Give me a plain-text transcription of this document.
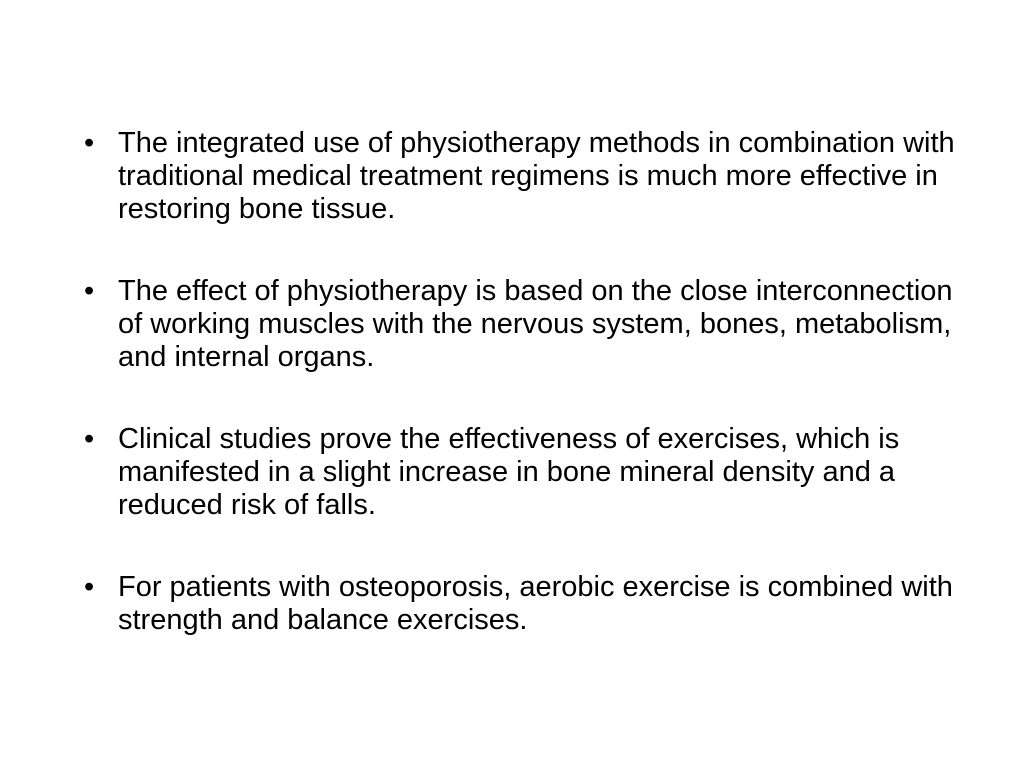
• The integrated use of physiotherapy methods in combination with traditional medical treatment regimens is much more effective in restoring bone tissue.
• The effect of physiotherapy is based on the close interconnection of working muscles with the nervous system, bones, metabolism, and internal organs.
• Clinical studies prove the effectiveness of exercises, which is manifested in a slight increase in bone mineral density and a reduced risk of falls.
• For patients with osteoporosis, aerobic exercise is combined with strength and balance exercises.
